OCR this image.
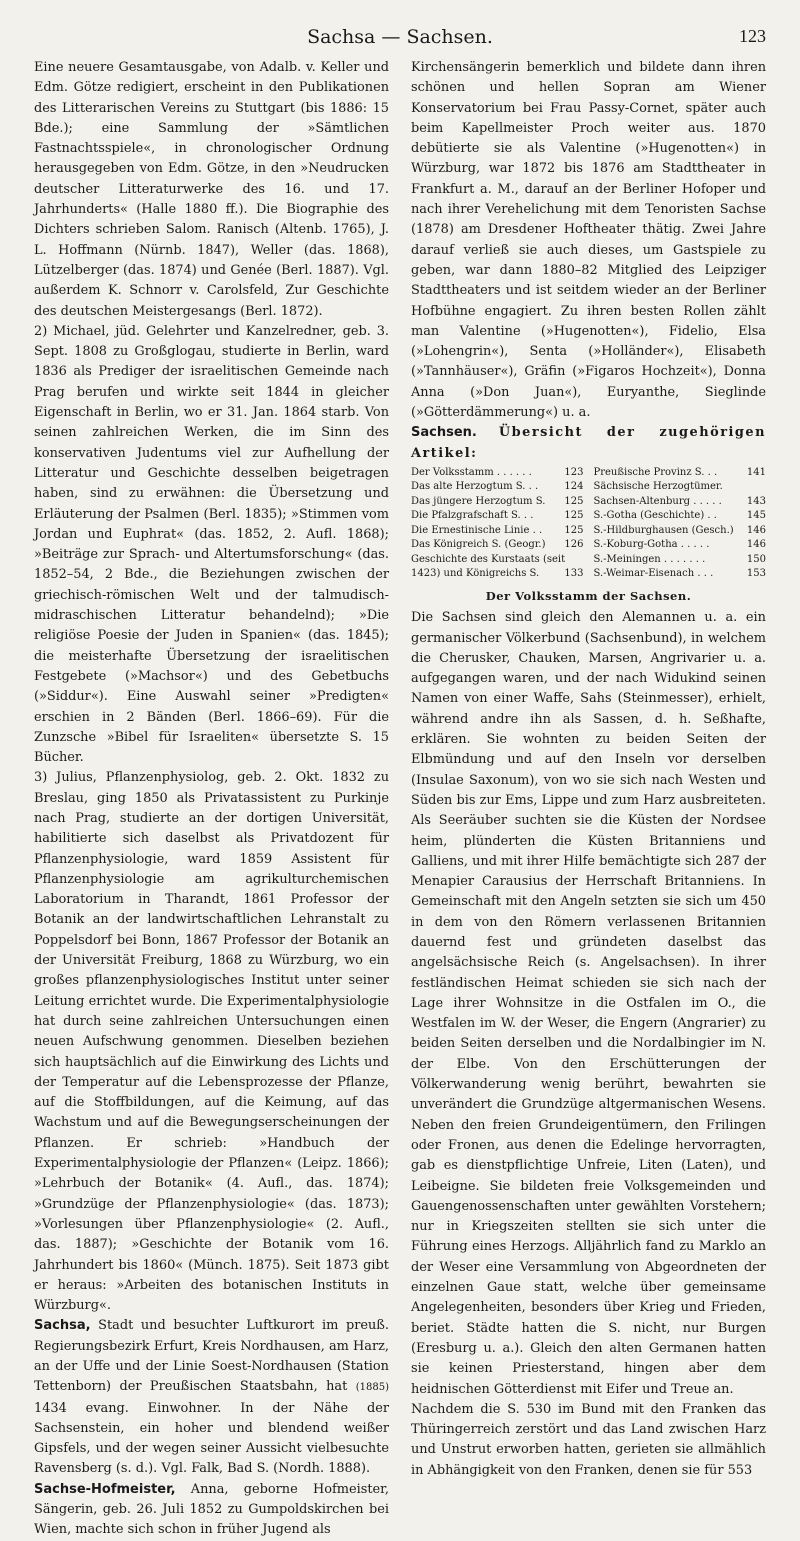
Sachsa — Sachsen.	123

Eine neuere Gesamtausgabe, von Adalb. v. Keller und Edm. Götze redigiert, erscheint in den Publikationen des Litterarischen Vereins zu Stuttgart (bis 1886: 15 Bde.); eine Sammlung der »Sämtlichen Fastnachtsspiele«, in chronologischer Ordnung herausgegeben von Edm. Götze, in den »Neudrucken deutscher Litteraturwerke des 16. und 17. Jahrhunderts« (Halle 1880 ff.). Die Biographie des Dichters schrieben Salom. Ranisch (Altenb. 1765), J. L. Hoffmann (Nürnb. 1847), Weller (das. 1868), Lützelberger (das. 1874) und Genée (Berl. 1887). Vgl. außerdem K. Schnorr v. Carolsfeld, Zur Geschichte des deutschen Meistergesangs (Berl. 1872).

2) Michael, jüd. Gelehrter und Kanzelredner, geb. 3. Sept. 1808 zu Großglogau, studierte in Berlin, ward 1836 als Prediger der israelitischen Gemeinde nach Prag berufen und wirkte seit 1844 in gleicher Eigenschaft in Berlin, wo er 31. Jan. 1864 starb. Von seinen zahlreichen Werken, die im Sinn des konservativen Judentums viel zur Aufhellung der Litteratur und Geschichte desselben beigetragen haben, sind zu erwähnen: die Übersetzung und Erläuterung der Psalmen (Berl. 1835); »Stimmen vom Jordan und Euphrat« (das. 1852, 2. Aufl. 1868); »Beiträge zur Sprach- und Altertumsforschung« (das. 1852–54, 2 Bde., die Beziehungen zwischen der griechisch-römischen Welt und der talmudisch-midraschischen Litteratur behandelnd); »Die religiöse Poesie der Juden in Spanien« (das. 1845); die meisterhafte Übersetzung der israelitischen Festgebete (»Machsor«) und des Gebetbuchs (»Siddur«). Eine Auswahl seiner »Predigten« erschien in 2 Bänden (Berl. 1866–69). Für die Zunzsche »Bibel für Israeliten« übersetzte S. 15 Bücher.

3) Julius, Pflanzenphysiolog, geb. 2. Okt. 1832 zu Breslau, ging 1850 als Privatassistent zu Purkinje nach Prag, studierte an der dortigen Universität, habilitierte sich daselbst als Privatdozent für Pflanzenphysiologie, ward 1859 Assistent für Pflanzenphysiologie am agrikulturchemischen Laboratorium in Tharandt, 1861 Professor der Botanik an der landwirtschaftlichen Lehranstalt zu Poppelsdorf bei Bonn, 1867 Professor der Botanik an der Universität Freiburg, 1868 zu Würzburg, wo ein großes pflanzenphysiologisches Institut unter seiner Leitung errichtet wurde. Die Experimentalphysiologie hat durch seine zahlreichen Untersuchungen einen neuen Aufschwung genommen. Dieselben beziehen sich hauptsächlich auf die Einwirkung des Lichts und der Temperatur auf die Lebensprozesse der Pflanze, auf die Stoffbildungen, auf die Keimung, auf das Wachstum und auf die Bewegungserscheinungen der Pflanzen. Er schrieb: »Handbuch der Experimentalphysiologie der Pflanzen« (Leipz. 1866); »Lehrbuch der Botanik« (4. Aufl., das. 1874); »Grundzüge der Pflanzenphysiologie« (das. 1873); »Vorlesungen über Pflanzenphysiologie« (2. Aufl., das. 1887); »Geschichte der Botanik vom 16. Jahrhundert bis 1860« (Münch. 1875). Seit 1873 gibt er heraus: »Arbeiten des botanischen Instituts in Würzburg«.

Sachsa, Stadt und besuchter Luftkurort im preuß. Regierungsbezirk Erfurt, Kreis Nordhausen, am Harz, an der Uffe und der Linie Soest-Nordhausen (Station Tettenborn) der Preußischen Staatsbahn, hat (1885) 1434 evang. Einwohner. In der Nähe der Sachsenstein, ein hoher und blendend weißer Gipsfels, und der wegen seiner Aussicht vielbesuchte Ravensberg (s. d.). Vgl. Falk, Bad S. (Nordh. 1888).

Sachse-Hofmeister, Anna, geborne Hofmeister, Sängerin, geb. 26. Juli 1852 zu Gumpoldskirchen bei Wien, machte sich schon in früher Jugend als

Kirchensängerin bemerklich und bildete dann ihren schönen und hellen Sopran am Wiener Konservatorium bei Frau Passy-Cornet, später auch beim Kapellmeister Proch weiter aus. 1870 debütierte sie als Valentine (»Hugenotten«) in Würzburg, war 1872 bis 1876 am Stadttheater in Frankfurt a. M., darauf an der Berliner Hofoper und nach ihrer Verehelichung mit dem Tenoristen Sachse (1878) am Dresdener Hoftheater thätig. Zwei Jahre darauf verließ sie auch dieses, um Gastspiele zu geben, war dann 1880–82 Mitglied des Leipziger Stadttheaters und ist seitdem wieder an der Berliner Hofbühne engagiert. Zu ihren besten Rollen zählt man Valentine (»Hugenotten«), Fidelio, Elsa (»Lohengrin«), Senta (»Holländer«), Elisabeth (»Tannhäuser«), Gräfin (»Figaros Hochzeit«), Donna Anna (»Don Juan«), Euryanthe, Sieglinde (»Götterdämmerung«) u. a.

Sachsen. Übersicht der zugehörigen Artikel:

Der Volksstamm . . . . . .	123 Preußische Provinz S. . .	141
Das alte Herzogtum S. . .	124 Sächsische Herzogtümer.
Das jüngere Herzogtum S.	125 Sachsen-Altenburg . . . . .	143
Die Pfalzgrafschaft S. . .	125 S.-Gotha (Geschichte) . .	145
Die Ernestinische Linie . .	125 S.-Hildburghausen (Gesch.)	146
Das Königreich S. (Geogr.)	126 S.-Koburg-Gotha . . . . .	146
Geschichte des Kurstaats (seit	S.-Meiningen . . . . . . .	150
1423) und Königreichs S.	133 S.-Weimar-Eisenach . . .	153
Der Volksstamm der Sachsen.

Die Sachsen sind gleich den Alemannen u. a. ein germanischer Völkerbund (Sachsenbund), in welchem die Cherusker, Chauken, Marsen, Angrivarier u. a. aufgegangen waren, und der nach Widukind seinen Namen von einer Waffe, Sahs (Steinmesser), erhielt, während andre ihn als Sassen, d. h. Seßhafte, erklären. Sie wohnten zu beiden Seiten der Elbmündung und auf den Inseln vor derselben (Insulae Saxonum), von wo sie sich nach Westen und Süden bis zur Ems, Lippe und zum Harz ausbreiteten. Als Seeräuber suchten sie die Küsten der Nordsee heim, plünderten die Küsten Britanniens und Galliens, und mit ihrer Hilfe bemächtigte sich 287 der Menapier Carausius der Herrschaft Britanniens. In Gemeinschaft mit den Angeln setzten sie sich um 450 in dem von den Römern verlassenen Britannien dauernd fest und gründeten daselbst das angelsächsische Reich (s. Angelsachsen). In ihrer festländischen Heimat schieden sie sich nach der Lage ihrer Wohnsitze in die Ostfalen im O., die Westfalen im W. der Weser, die Engern (Angrarier) zu beiden Seiten derselben und die Nordalbingier im N. der Elbe. Von den Erschütterungen der Völkerwanderung wenig berührt, bewahrten sie unverändert die Grundzüge altgermanischen Wesens. Neben den freien Grundeigentümern, den Frilingen oder Fronen, aus denen die Edelinge hervorragten, gab es dienstpflichtige Unfreie, Liten (Laten), und Leibeigne. Sie bildeten freie Volksgemeinden und Gauengenossenschaften unter gewählten Vorstehern; nur in Kriegszeiten stellten sie sich unter die Führung eines Herzogs. Alljährlich fand zu Marklo an der Weser eine Versammlung von Abgeordneten der einzelnen Gaue statt, welche über gemeinsame Angelegenheiten, besonders über Krieg und Frieden, beriet. Städte hatten die S. nicht, nur Burgen (Eresburg u. a.). Gleich den alten Germanen hatten sie keinen Priesterstand, hingen aber dem heidnischen Götterdienst mit Eifer und Treue an.

Nachdem die S. 530 im Bund mit den Franken das Thüringerreich zerstört und das Land zwischen Harz und Unstrut erworben hatten, gerieten sie allmählich in Abhängigkeit von den Franken, denen sie für 553
